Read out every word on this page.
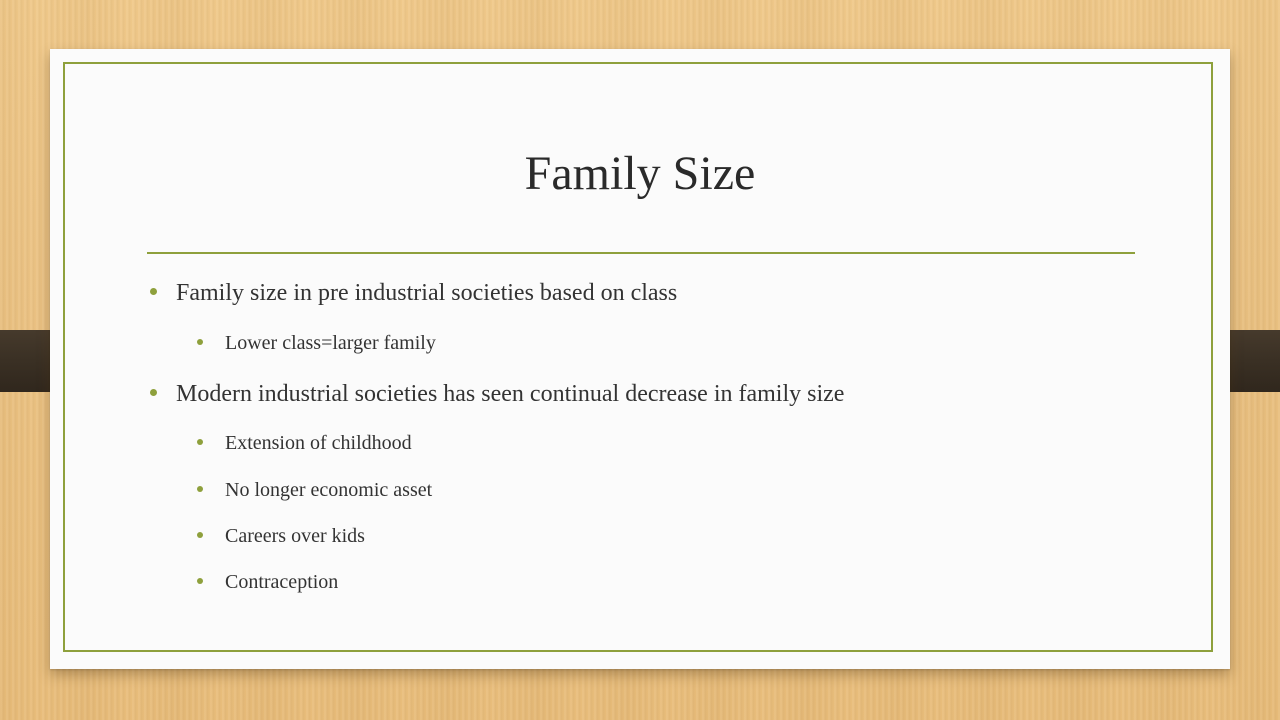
Family Size
Family size in pre industrial societies based on class
Lower class=larger family
Modern industrial societies has seen continual decrease in family size
Extension of childhood
No longer economic asset
Careers over kids
Contraception
